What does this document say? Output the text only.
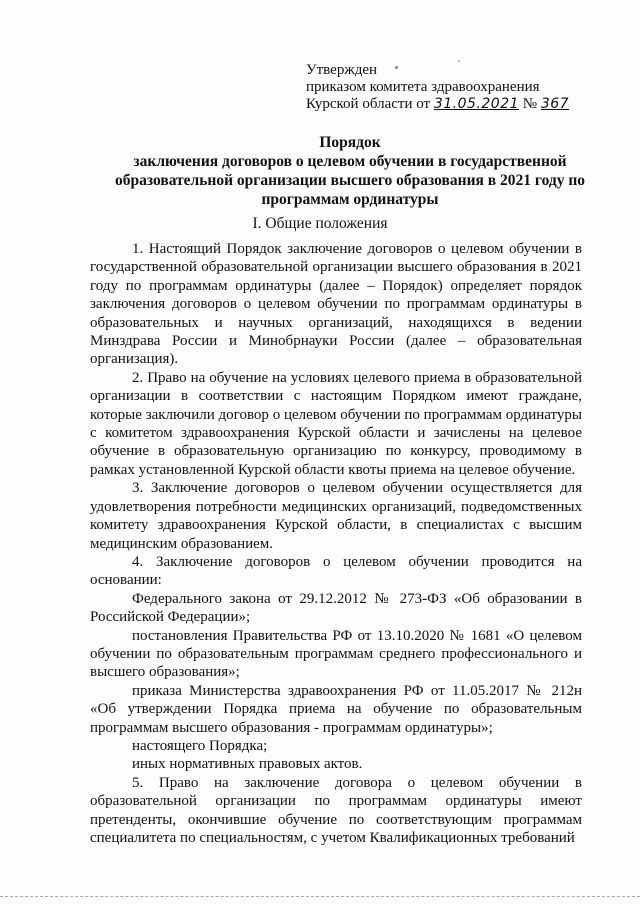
Утвержден
приказом комитета здравоохранения
Курской области от 31.05.2021 № 367
Порядок
заключения договоров о целевом обучении в государственной
образовательной организации высшего образования в 2021 году по
программам ординатуры
I. Общие положения

1. Настоящий Порядок заключение договоров о целевом обучении в государственной образовательной организации высшего образования в 2021 году по программам ординатуры (далее – Порядок) определяет порядок заключения договоров о целевом обучении по программам ординатуры в образовательных и научных организаций, находящихся в ведении Минздрава России и Минобрнауки России (далее – образовательная организация).

2. Право на обучение на условиях целевого приема в образовательной организации в соответствии с настоящим Порядком имеют граждане, которые заключили договор о целевом обучении по программам ординатуры с комитетом здравоохранения Курской области и зачислены на целевое обучение в образовательную организацию по конкурсу, проводимому в рамках установленной Курской области квоты приема на целевое обучение.

3. Заключение договоров о целевом обучении осуществляется для удовлетворения потребности медицинских организаций, подведомственных комитету здравоохранения Курской области, в специалистах с высшим медицинским образованием.

4. Заключение договоров о целевом обучении проводится на основании:

Федерального закона от 29.12.2012 № 273-ФЗ «Об образовании в Российской Федерации»;

постановления Правительства РФ от 13.10.2020 № 1681 «О целевом обучении по образовательным программам среднего профессионального и высшего образования»;

приказа Министерства здравоохранения РФ от 11.05.2017 № 212н «Об утверждении Порядка приема на обучение по образовательным программам высшего образования - программам ординатуры»;

настоящего Порядка;

иных нормативных правовых актов.

5. Право на заключение договора о целевом обучении в образовательной организации по программам ординатуры имеют претенденты, окончившие обучение по соответствующим программам специалитета по специальностям, с учетом Квалификационных требований
